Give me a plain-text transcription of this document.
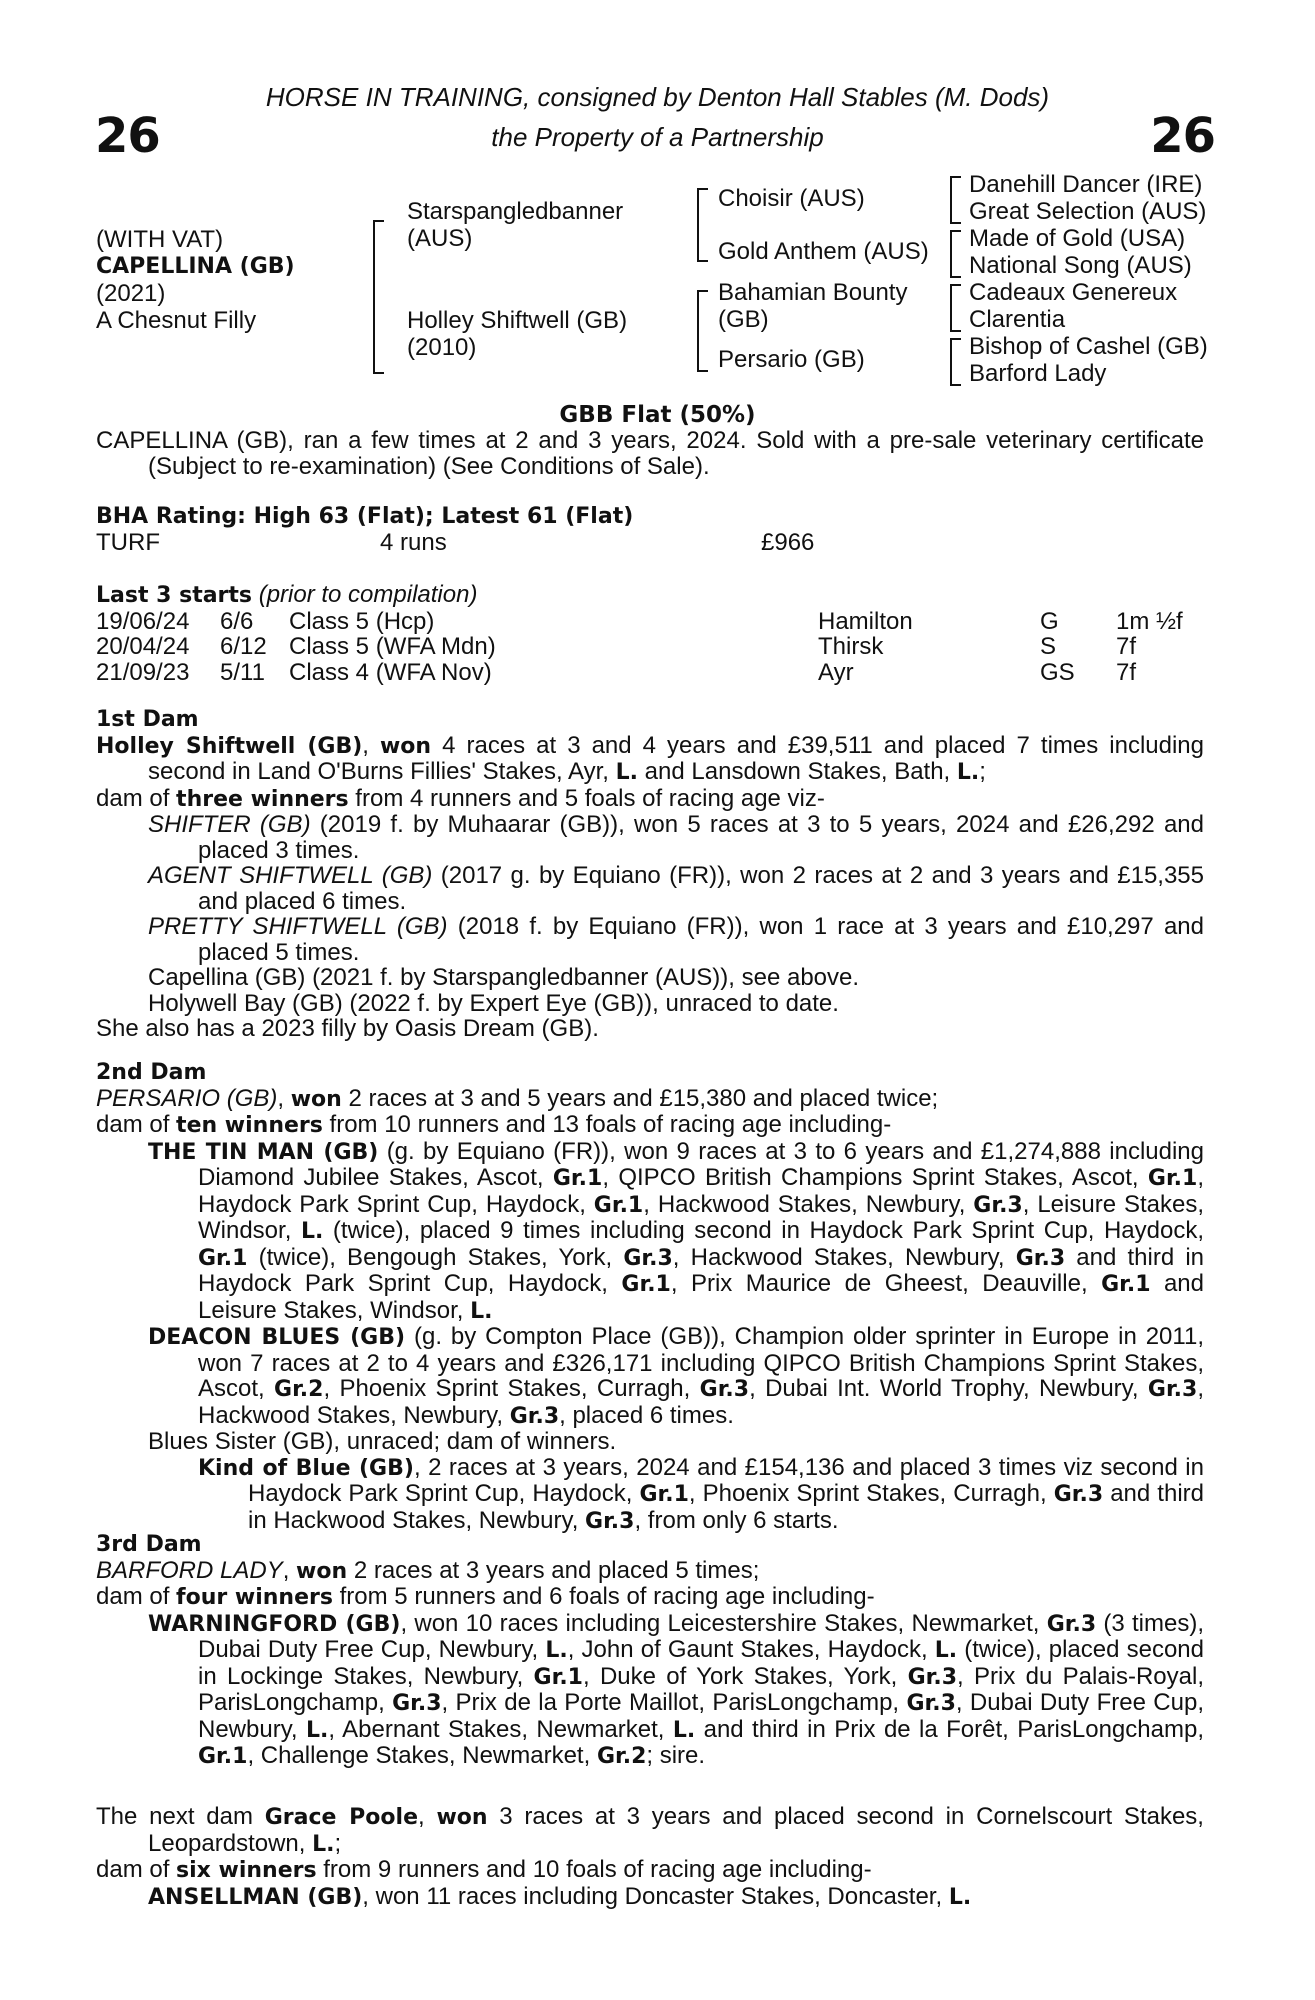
26	26
HORSE IN TRAINING, consigned by Denton Hall Stables (M. Dods)
the Property of a Partnership
(WITH VAT)
CAPELLINA (GB)
(2021)
A Chesnut Filly
Starspangledbanner
(AUS)
Holley Shiftwell (GB)
(2010)
Choisir (AUS)
Gold Anthem (AUS)
Bahamian Bounty
(GB)
Persario (GB)
Danehill Dancer (IRE)
Great Selection (AUS)
Made of Gold (USA)
National Song (AUS)
Cadeaux Genereux
Clarentia
Bishop of Cashel (GB)
Barford Lady
GBB Flat (50%)
CAPELLINA (GB), ran a few times at 2 and 3 years, 2024. Sold with a pre-sale veterinary certificate (Subject to re-examination) (See Conditions of Sale).
BHA Rating: High 63 (Flat); Latest 61 (Flat)
TURF	4 runs	£966
Last 3 starts (prior to compilation)
19/06/24 6/6 Class 5 (Hcp)	Hamilton	G 1m ½f
20/04/24 6/12 Class 5 (WFA Mdn)	Thirsk	S 7f
21/09/23 5/11 Class 4 (WFA Nov)	Ayr	GS 7f
1st Dam
Holley Shiftwell (GB), won 4 races at 3 and 4 years and £39,511 and placed 7 times including second in Land O'Burns Fillies' Stakes, Ayr, L. and Lansdown Stakes, Bath, L.;
dam of three winners from 4 runners and 5 foals of racing age viz-
SHIFTER (GB) (2019 f. by Muhaarar (GB)), won 5 races at 3 to 5 years, 2024 and £26,292 and placed 3 times.
AGENT SHIFTWELL (GB) (2017 g. by Equiano (FR)), won 2 races at 2 and 3 years and £15,355 and placed 6 times.
PRETTY SHIFTWELL (GB) (2018 f. by Equiano (FR)), won 1 race at 3 years and £10,297 and placed 5 times.
Capellina (GB) (2021 f. by Starspangledbanner (AUS)), see above.
Holywell Bay (GB) (2022 f. by Expert Eye (GB)), unraced to date.
She also has a 2023 filly by Oasis Dream (GB).
2nd Dam
PERSARIO (GB), won 2 races at 3 and 5 years and £15,380 and placed twice;
dam of ten winners from 10 runners and 13 foals of racing age including-
THE TIN MAN (GB) (g. by Equiano (FR)), won 9 races at 3 to 6 years and £1,274,888 including Diamond Jubilee Stakes, Ascot, Gr.1, QIPCO British Champions Sprint Stakes, Ascot, Gr.1, Haydock Park Sprint Cup, Haydock, Gr.1, Hackwood Stakes, Newbury, Gr.3, Leisure Stakes, Windsor, L. (twice), placed 9 times including second in Haydock Park Sprint Cup, Haydock, Gr.1 (twice), Bengough Stakes, York, Gr.3, Hackwood Stakes, Newbury, Gr.3 and third in Haydock Park Sprint Cup, Haydock, Gr.1, Prix Maurice de Gheest, Deauville, Gr.1 and Leisure Stakes, Windsor, L.
DEACON BLUES (GB) (g. by Compton Place (GB)), Champion older sprinter in Europe in 2011, won 7 races at 2 to 4 years and £326,171 including QIPCO British Champions Sprint Stakes, Ascot, Gr.2, Phoenix Sprint Stakes, Curragh, Gr.3, Dubai Int. World Trophy, Newbury, Gr.3, Hackwood Stakes, Newbury, Gr.3, placed 6 times.
Blues Sister (GB), unraced; dam of winners.
Kind of Blue (GB), 2 races at 3 years, 2024 and £154,136 and placed 3 times viz second in Haydock Park Sprint Cup, Haydock, Gr.1, Phoenix Sprint Stakes, Curragh, Gr.3 and third in Hackwood Stakes, Newbury, Gr.3, from only 6 starts.
3rd Dam
BARFORD LADY, won 2 races at 3 years and placed 5 times;
dam of four winners from 5 runners and 6 foals of racing age including-
WARNINGFORD (GB), won 10 races including Leicestershire Stakes, Newmarket, Gr.3 (3 times), Dubai Duty Free Cup, Newbury, L., John of Gaunt Stakes, Haydock, L. (twice), placed second in Lockinge Stakes, Newbury, Gr.1, Duke of York Stakes, York, Gr.3, Prix du Palais-Royal, ParisLongchamp, Gr.3, Prix de la Porte Maillot, ParisLongchamp, Gr.3, Dubai Duty Free Cup, Newbury, L., Abernant Stakes, Newmarket, L. and third in Prix de la Forêt, ParisLongchamp, Gr.1, Challenge Stakes, Newmarket, Gr.2; sire.
The next dam Grace Poole, won 3 races at 3 years and placed second in Cornelscourt Stakes, Leopardstown, L.;
dam of six winners from 9 runners and 10 foals of racing age including-
ANSELLMAN (GB), won 11 races including Doncaster Stakes, Doncaster, L.
